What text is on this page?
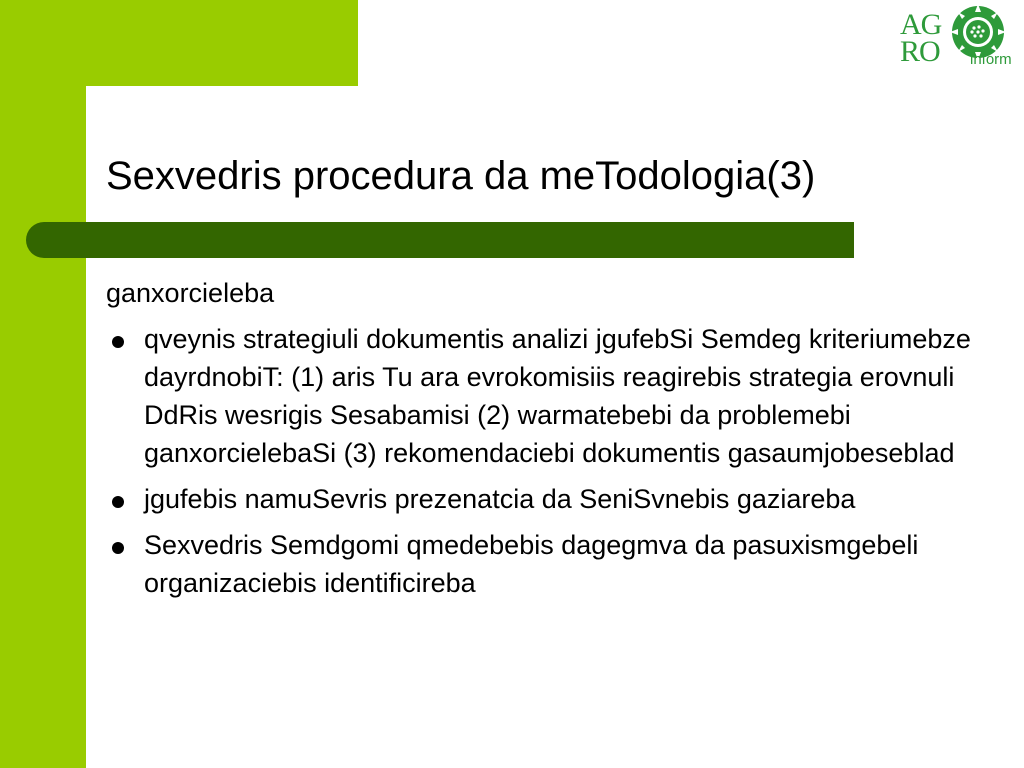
AG
RO inform
Sexvedris procedura da meTodologia(3)

ganxorcieleba

qveynis strategiuli dokumentis analizi jgufebSi Semdeg kriteriumebze dayrdnobiT: (1) aris Tu ara evrokomisiis reagirebis strategia erovnuli DdRis wesrigis Sesabamisi (2) warmatebebi da problemebi ganxorcielebaSi (3) rekomendaciebi dokumentis gasaumjobeseblad
jgufebis namuSevris prezenatcia da SeniSvnebis gaziareba
Sexvedris Semdgomi qmedebebis dagegmva da pasuxismgebeli organizaciebis identificireba
